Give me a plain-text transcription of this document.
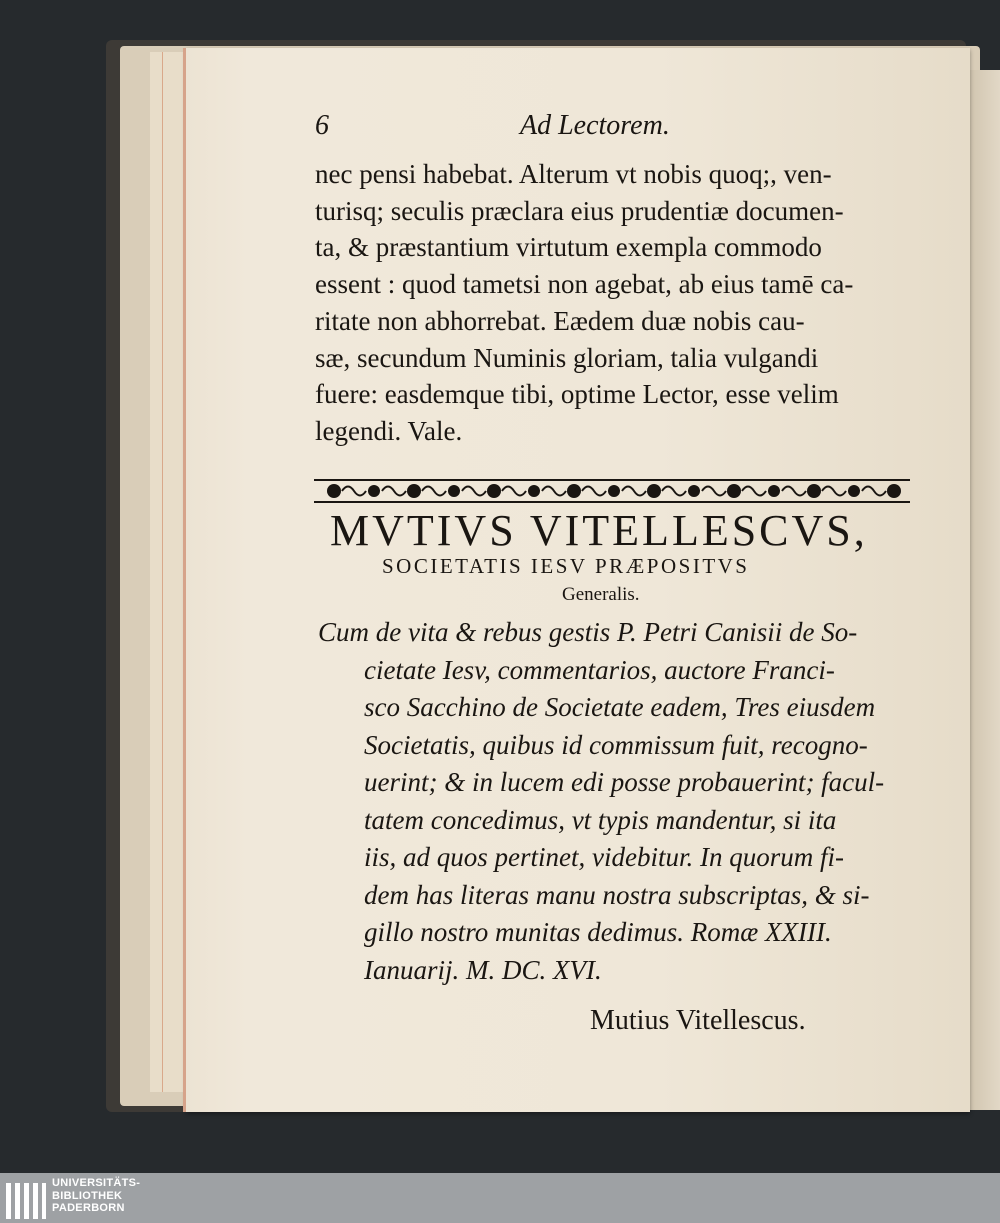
6	Ad Lectorem.
nec pensi habebat. Alterum vt nobis quoq;, ven-
turisq; seculis præclara eius prudentiæ documen-
ta, & præstantium virtutum exempla commodo
essent : quod tametsi non agebat, ab eius tamē ca-
ritate non abhorrebat. Eædem duæ nobis cau-
sæ, secundum Numinis gloriam, talia vulgandi
fuere: easdemque tibi, optime Lector, esse velim
legendi. Vale.
MVTIVS VITELLESCVS,
SOCIETATIS IESV PRÆPOSITVS
Generalis.
Cum de vita & rebus gestis P. Petri Canisii de So-
cietate Iesv, commentarios, auctore Franci-
sco Sacchino de Societate eadem, Tres eiusdem
Societatis, quibus id commissum fuit, recogno-
uerint; & in lucem edi posse probauerint; facul-
tatem concedimus, vt typis mandentur, si ita
iis, ad quos pertinet, videbitur. In quorum fi-
dem has literas manu nostra subscriptas, & si-
gillo nostro munitas dedimus. Romæ XXIII.
Ianuarij. M. DC. XVI.
Mutius Vitellescus.
UNIVERSITÄTS-
BIBLIOTHEK
PADERBORN
